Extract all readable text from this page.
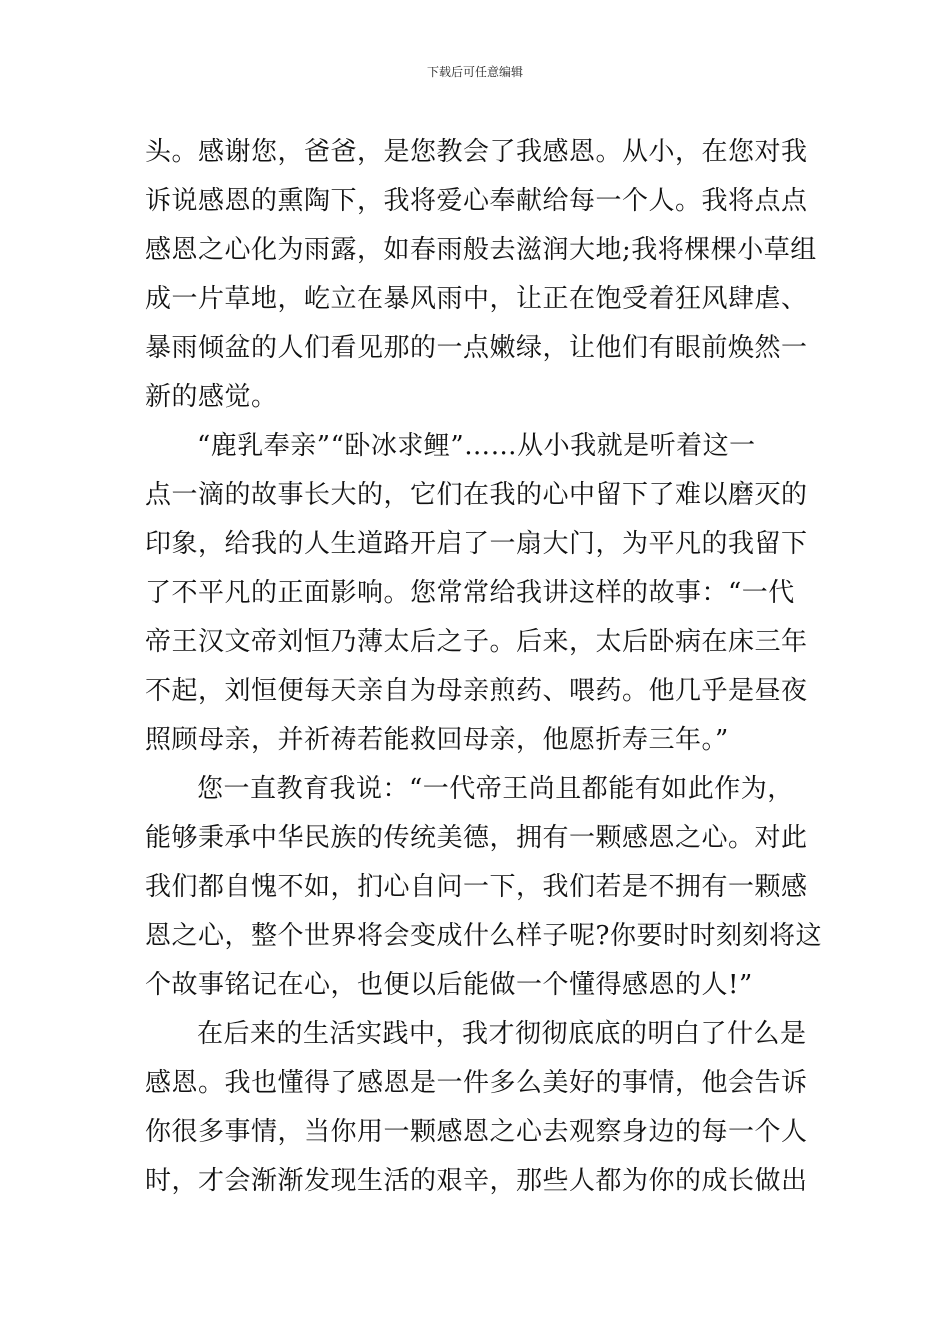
下载后可任意编辑
头。感谢您，爸爸，是您教会了我感恩。从小，在您对我
诉说感恩的熏陶下，我将爱心奉献给每一个人。我将点点
感恩之心化为雨露，如春雨般去滋润大地;我将棵棵小草组
成一片草地，屹立在暴风雨中，让正在饱受着狂风肆虐、
暴雨倾盆的人们看见那的一点嫩绿，让他们有眼前焕然一
新的感觉。
“鹿乳奉亲”“卧冰求鲤”……从小我就是听着这一
点一滴的故事长大的，它们在我的心中留下了难以磨灭的
印象，给我的人生道路开启了一扇大门，为平凡的我留下
了不平凡的正面影响。您常常给我讲这样的故事：“一代
帝王汉文帝刘恒乃薄太后之子。后来，太后卧病在床三年
不起，刘恒便每天亲自为母亲煎药、喂药。他几乎是昼夜
照顾母亲，并祈祷若能救回母亲，他愿折寿三年。”
您一直教育我说：“一代帝王尚且都能有如此作为，
能够秉承中华民族的传统美德，拥有一颗感恩之心。对此
我们都自愧不如，扪心自问一下，我们若是不拥有一颗感
恩之心，整个世界将会变成什么样子呢?你要时时刻刻将这
个故事铭记在心，也便以后能做一个懂得感恩的人!”
在后来的生活实践中，我才彻彻底底的明白了什么是
感恩。我也懂得了感恩是一件多么美好的事情，他会告诉
你很多事情，当你用一颗感恩之心去观察身边的每一个人
时，才会渐渐发现生活的艰辛，那些人都为你的成长做出
